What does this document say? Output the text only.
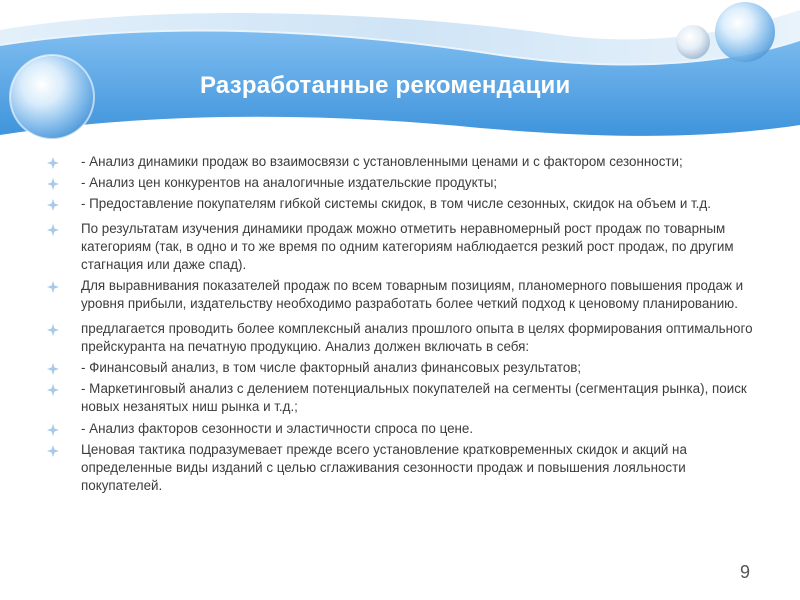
Разработанные рекомендации
- Анализ динамики продаж во взаимосвязи с установленными ценами и с фактором сезонности;
- Анализ цен конкурентов на аналогичные издательские продукты;
- Предоставление покупателям гибкой системы скидок, в том числе сезонных, скидок на объем и т.д.
По результатам изучения динамики продаж можно отметить неравномерный рост продаж по товарным категориям (так, в одно и то же время по одним категориям наблюдается резкий рост продаж, по другим стагнация или даже спад).
Для выравнивания показателей продаж по всем товарным позициям, планомерного повышения продаж и уровня прибыли, издательству необходимо разработать более четкий подход к ценовому планированию.
предлагается проводить более комплексный анализ прошлого опыта в целях формирования оптимального прейскуранта на печатную продукцию. Анализ должен включать в себя:
- Финансовый анализ, в том числе факторный анализ финансовых результатов;
- Маркетинговый анализ с делением потенциальных покупателей на сегменты (сегментация рынка), поиск новых незанятых ниш рынка и т.д.;
- Анализ факторов сезонности и эластичности спроса по цене.
Ценовая тактика подразумевает прежде всего установление кратковременных скидок и акций на определенные виды изданий с целью сглаживания сезонности продаж и повышения лояльности покупателей.
9
